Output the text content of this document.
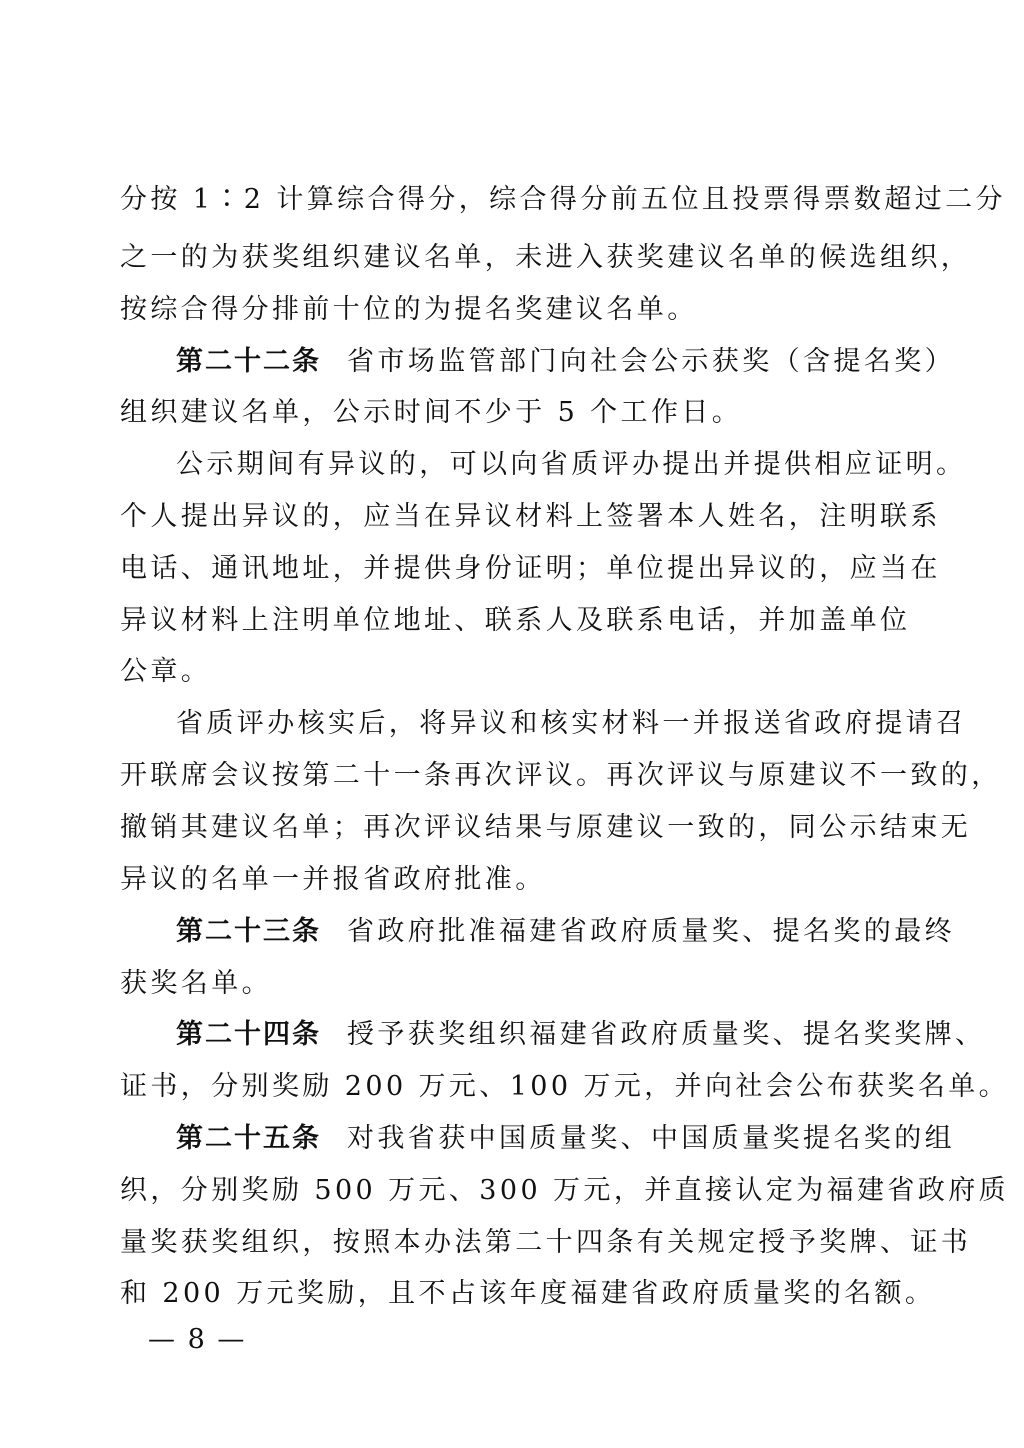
分按 1∶2 计算综合得分，综合得分前五位且投票得票数超过二分
之一的为获奖组织建议名单，未进入获奖建议名单的候选组织，
按综合得分排前十位的为提名奖建议名单。
第二十二条 省市场监管部门向社会公示获奖（含提名奖）
组织建议名单，公示时间不少于 5 个工作日。
公示期间有异议的，可以向省质评办提出并提供相应证明。
个人提出异议的，应当在异议材料上签署本人姓名，注明联系
电话、通讯地址，并提供身份证明；单位提出异议的，应当在
异议材料上注明单位地址、联系人及联系电话，并加盖单位
公章。
省质评办核实后，将异议和核实材料一并报送省政府提请召
开联席会议按第二十一条再次评议。再次评议与原建议不一致的，
撤销其建议名单；再次评议结果与原建议一致的，同公示结束无
异议的名单一并报省政府批准。
第二十三条 省政府批准福建省政府质量奖、提名奖的最终
获奖名单。
第二十四条 授予获奖组织福建省政府质量奖、提名奖奖牌、
证书，分别奖励 200 万元、100 万元，并向社会公布获奖名单。
第二十五条 对我省获中国质量奖、中国质量奖提名奖的组
织，分别奖励 500 万元、300 万元，并直接认定为福建省政府质
量奖获奖组织，按照本办法第二十四条有关规定授予奖牌、证书
和 200 万元奖励，且不占该年度福建省政府质量奖的名额。
— 8 —
